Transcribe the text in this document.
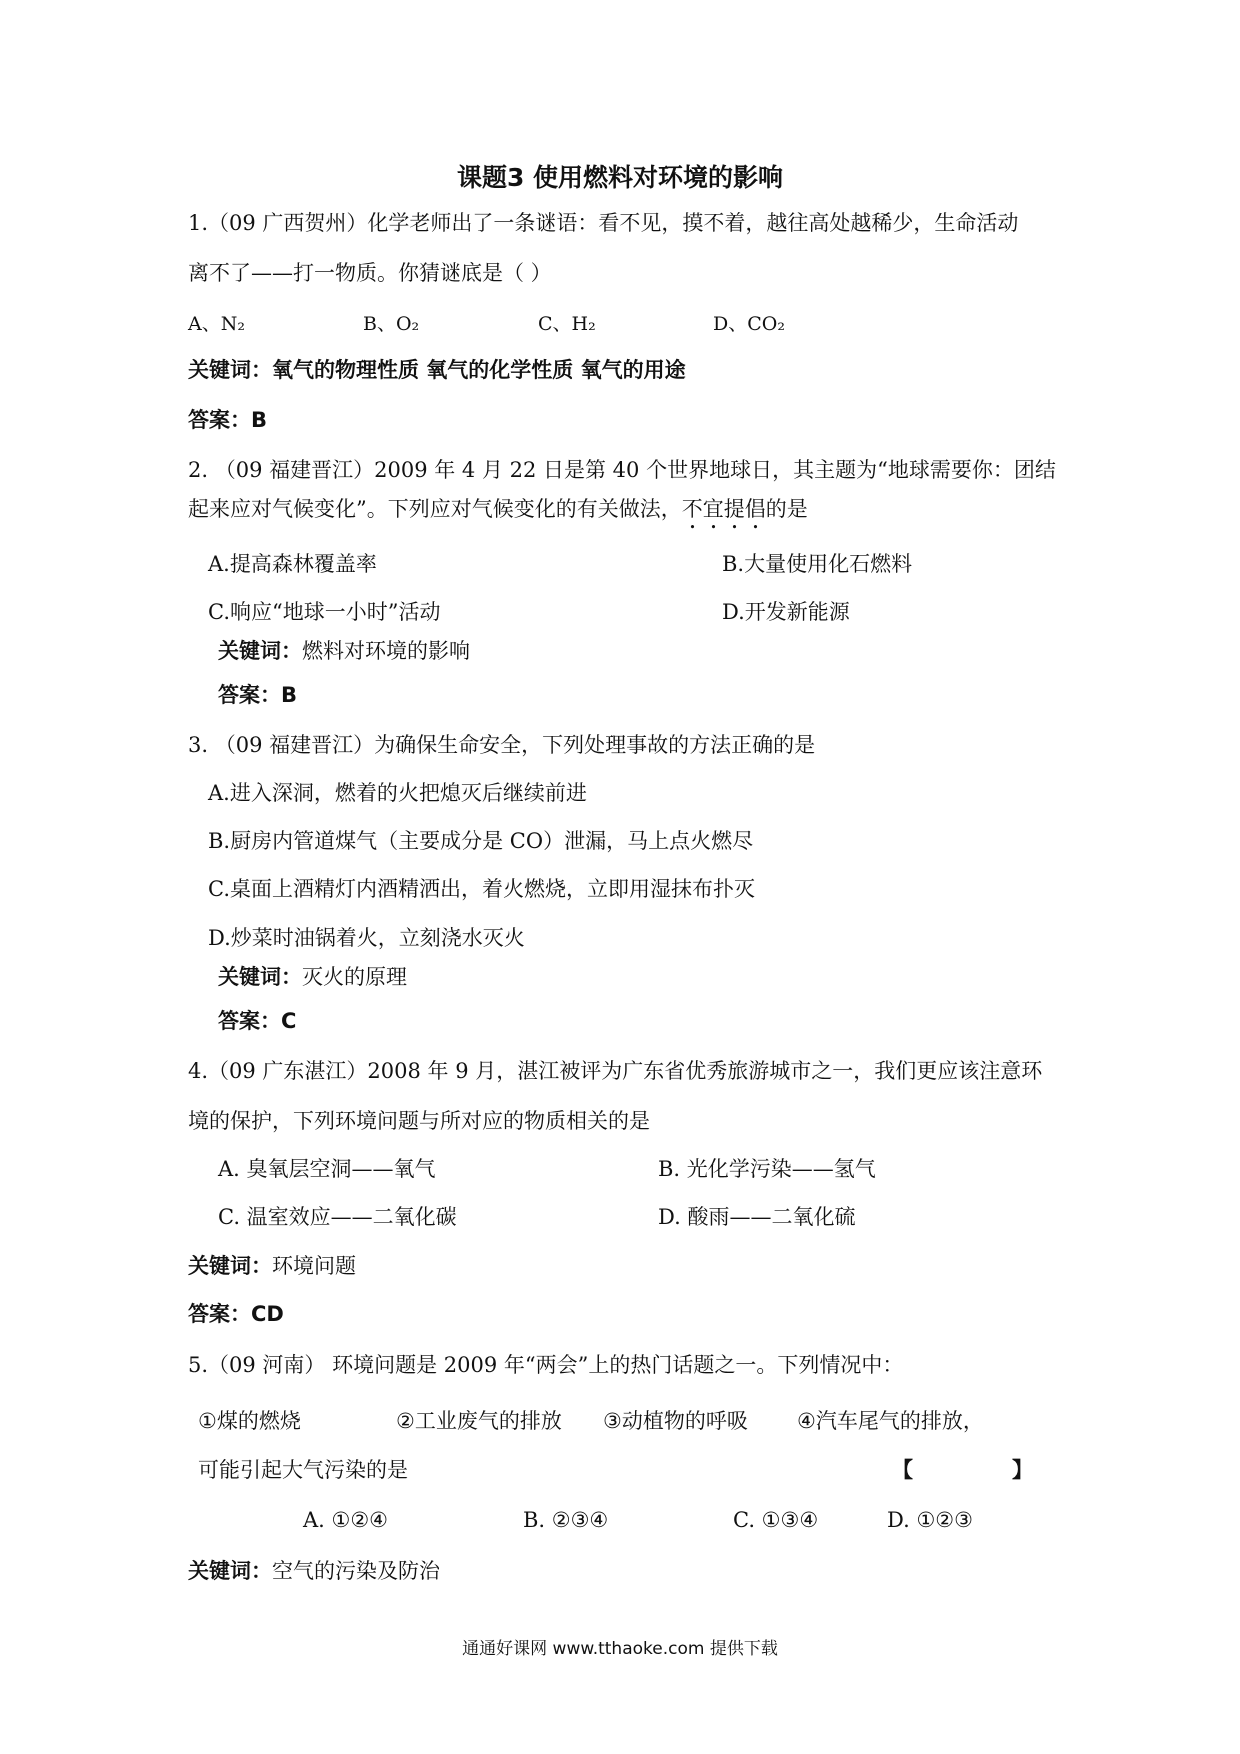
课题3 使用燃料对环境的影响
1.（09 广西贺州）化学老师出了一条谜语：看不见，摸不着，越往高处越稀少，生命活动
离不了——打一物质。你猜谜底是（ ）
A、N₂	B、O₂	C、H₂	D、CO₂
关键词：氧气的物理性质 氧气的化学性质 氧气的用途
答案：B
2. （09 福建晋江）2009 年 4 月 22 日是第 40 个世界地球日，其主题为“地球需要你：团结
起来应对气候变化”。下列应对气候变化的有关做法，不宜提倡的是
A.提高森林覆盖率	B.大量使用化石燃料
C.响应“地球一小时”活动	D.开发新能源
关键词：燃料对环境的影响
答案：B
3. （09 福建晋江）为确保生命安全，下列处理事故的方法正确的是
A.进入深洞，燃着的火把熄灭后继续前进
B.厨房内管道煤气（主要成分是 CO）泄漏，马上点火燃尽
C.桌面上酒精灯内酒精洒出，着火燃烧，立即用湿抹布扑灭
D.炒菜时油锅着火，立刻浇水灭火
关键词：灭火的原理
答案：C
4.（09 广东湛江）2008 年 9 月，湛江被评为广东省优秀旅游城市之一，我们更应该注意环
境的保护，下列环境问题与所对应的物质相关的是
A. 臭氧层空洞——氧气	B. 光化学污染——氢气
C. 温室效应——二氧化碳	D. 酸雨——二氧化硫
关键词：环境问题
答案：CD
5.（09 河南） 环境问题是 2009 年“两会”上的热门话题之一。下列情况中：
①煤的燃烧	②工业废气的排放 ③动植物的呼吸 ④汽车尾气的排放，
可能引起大气污染的是	【	】
A. ①②④	B. ②③④	C. ①③④	D. ①②③
关键词：空气的污染及防治
通通好课网 www.tthaoke.com 提供下载
